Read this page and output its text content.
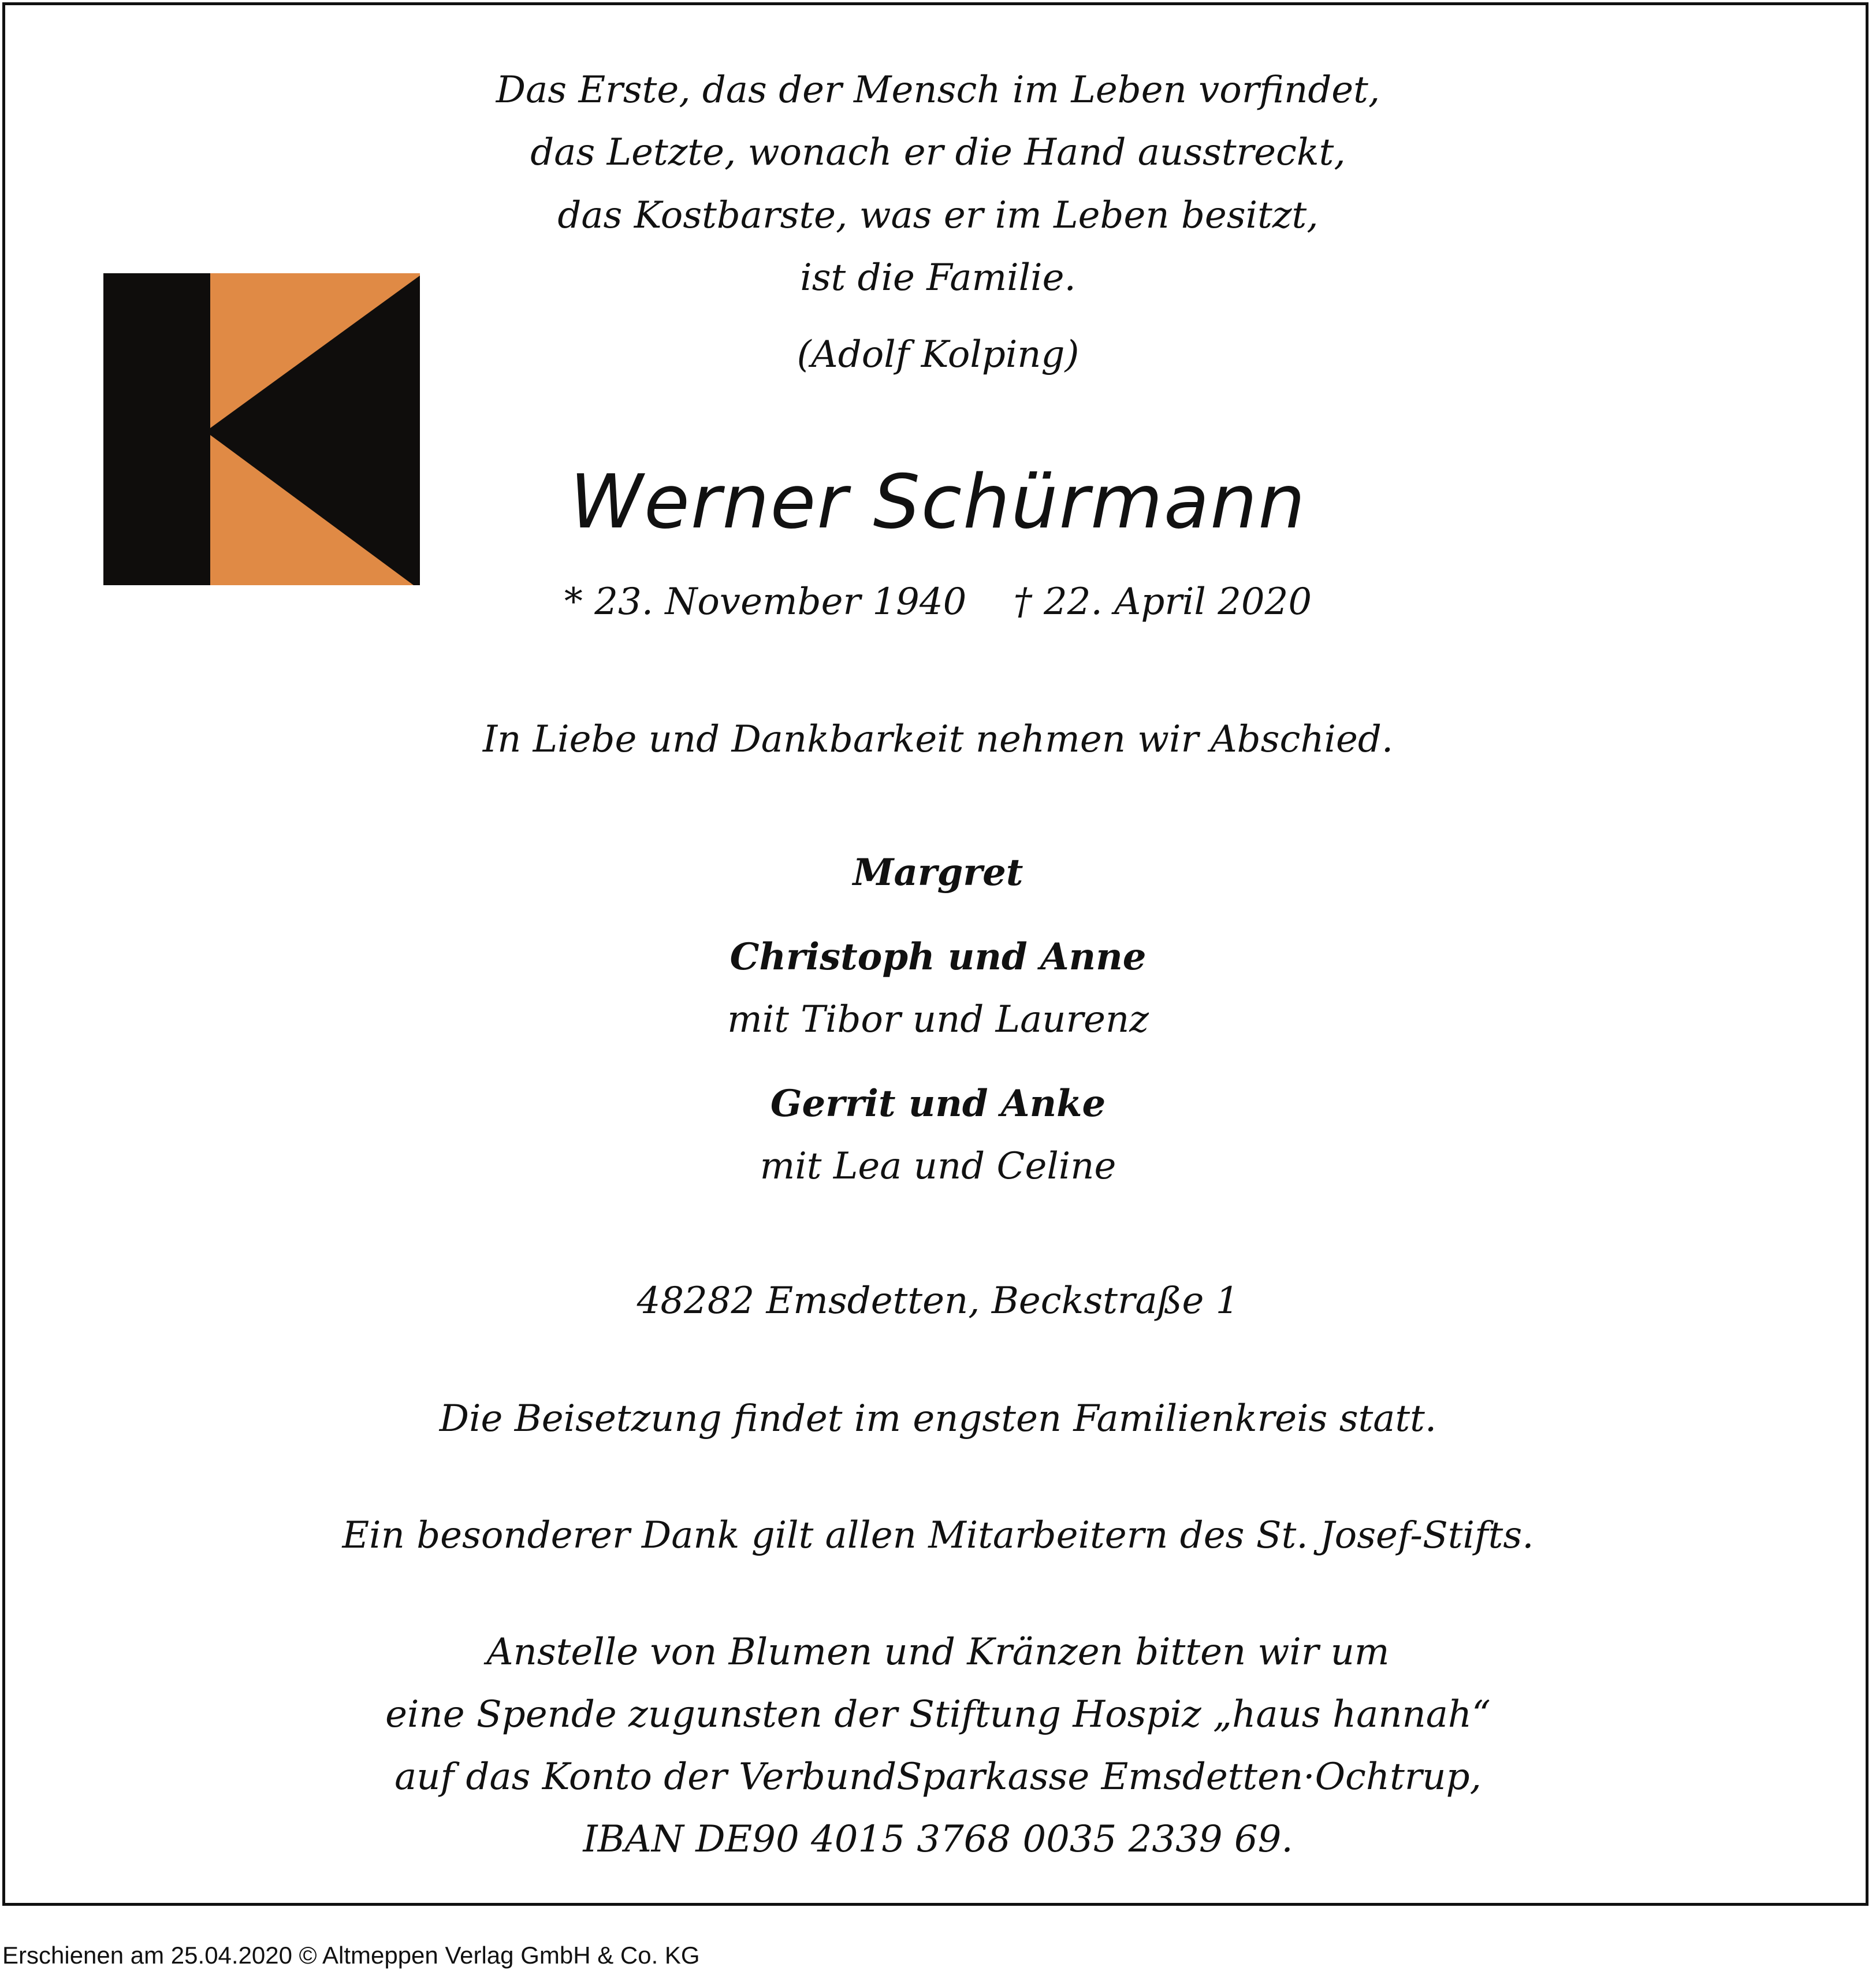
Das Erste, das der Mensch im Leben vorfindet,
das Letzte, wonach er die Hand ausstreckt,
das Kostbarste, was er im Leben besitzt,
ist die Familie.
(Adolf Kolping)
Werner Schürmann
* 23. November 1940    † 22. April 2020
In Liebe und Dankbarkeit nehmen wir Abschied.
Margret
Christoph und Anne
mit Tibor und Laurenz
Gerrit und Anke
mit Lea und Celine
48282 Emsdetten, Beckstraße 1
Die Beisetzung findet im engsten Familienkreis statt.
Ein besonderer Dank gilt allen Mitarbeitern des St. Josef-Stifts.
Anstelle von Blumen und Kränzen bitten wir um
eine Spende zugunsten der Stiftung Hospiz „haus hannah“
auf das Konto der VerbundSparkasse Emsdetten·Ochtrup,
IBAN DE90 4015 3768 0035 2339 69.
Erschienen am 25.04.2020 © Altmeppen Verlag GmbH & Co. KG
